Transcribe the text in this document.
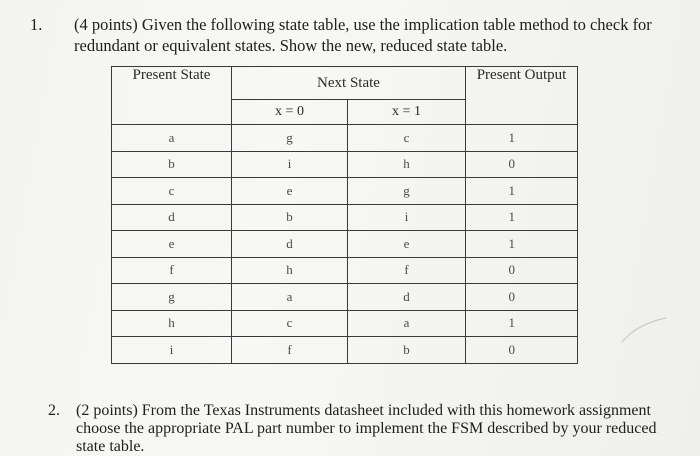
1. (4 points) Given the following state table, use the implication table method to check for
redundant or equivalent states. Show the new, reduced state table.
Present State	Next State		Present Output
	x = 0	x = 1	
a	g	c	1
b	i	h	0
c	e	g	1
d	b	i	1
e	d	e	1
f	h	f	0
g	a	d	0
h	c	a	1
i	f	b	0
2. (2 points) From the Texas Instruments datasheet included with this homework assignment
choose the appropriate PAL part number to implement the FSM described by your reduced
state table.
